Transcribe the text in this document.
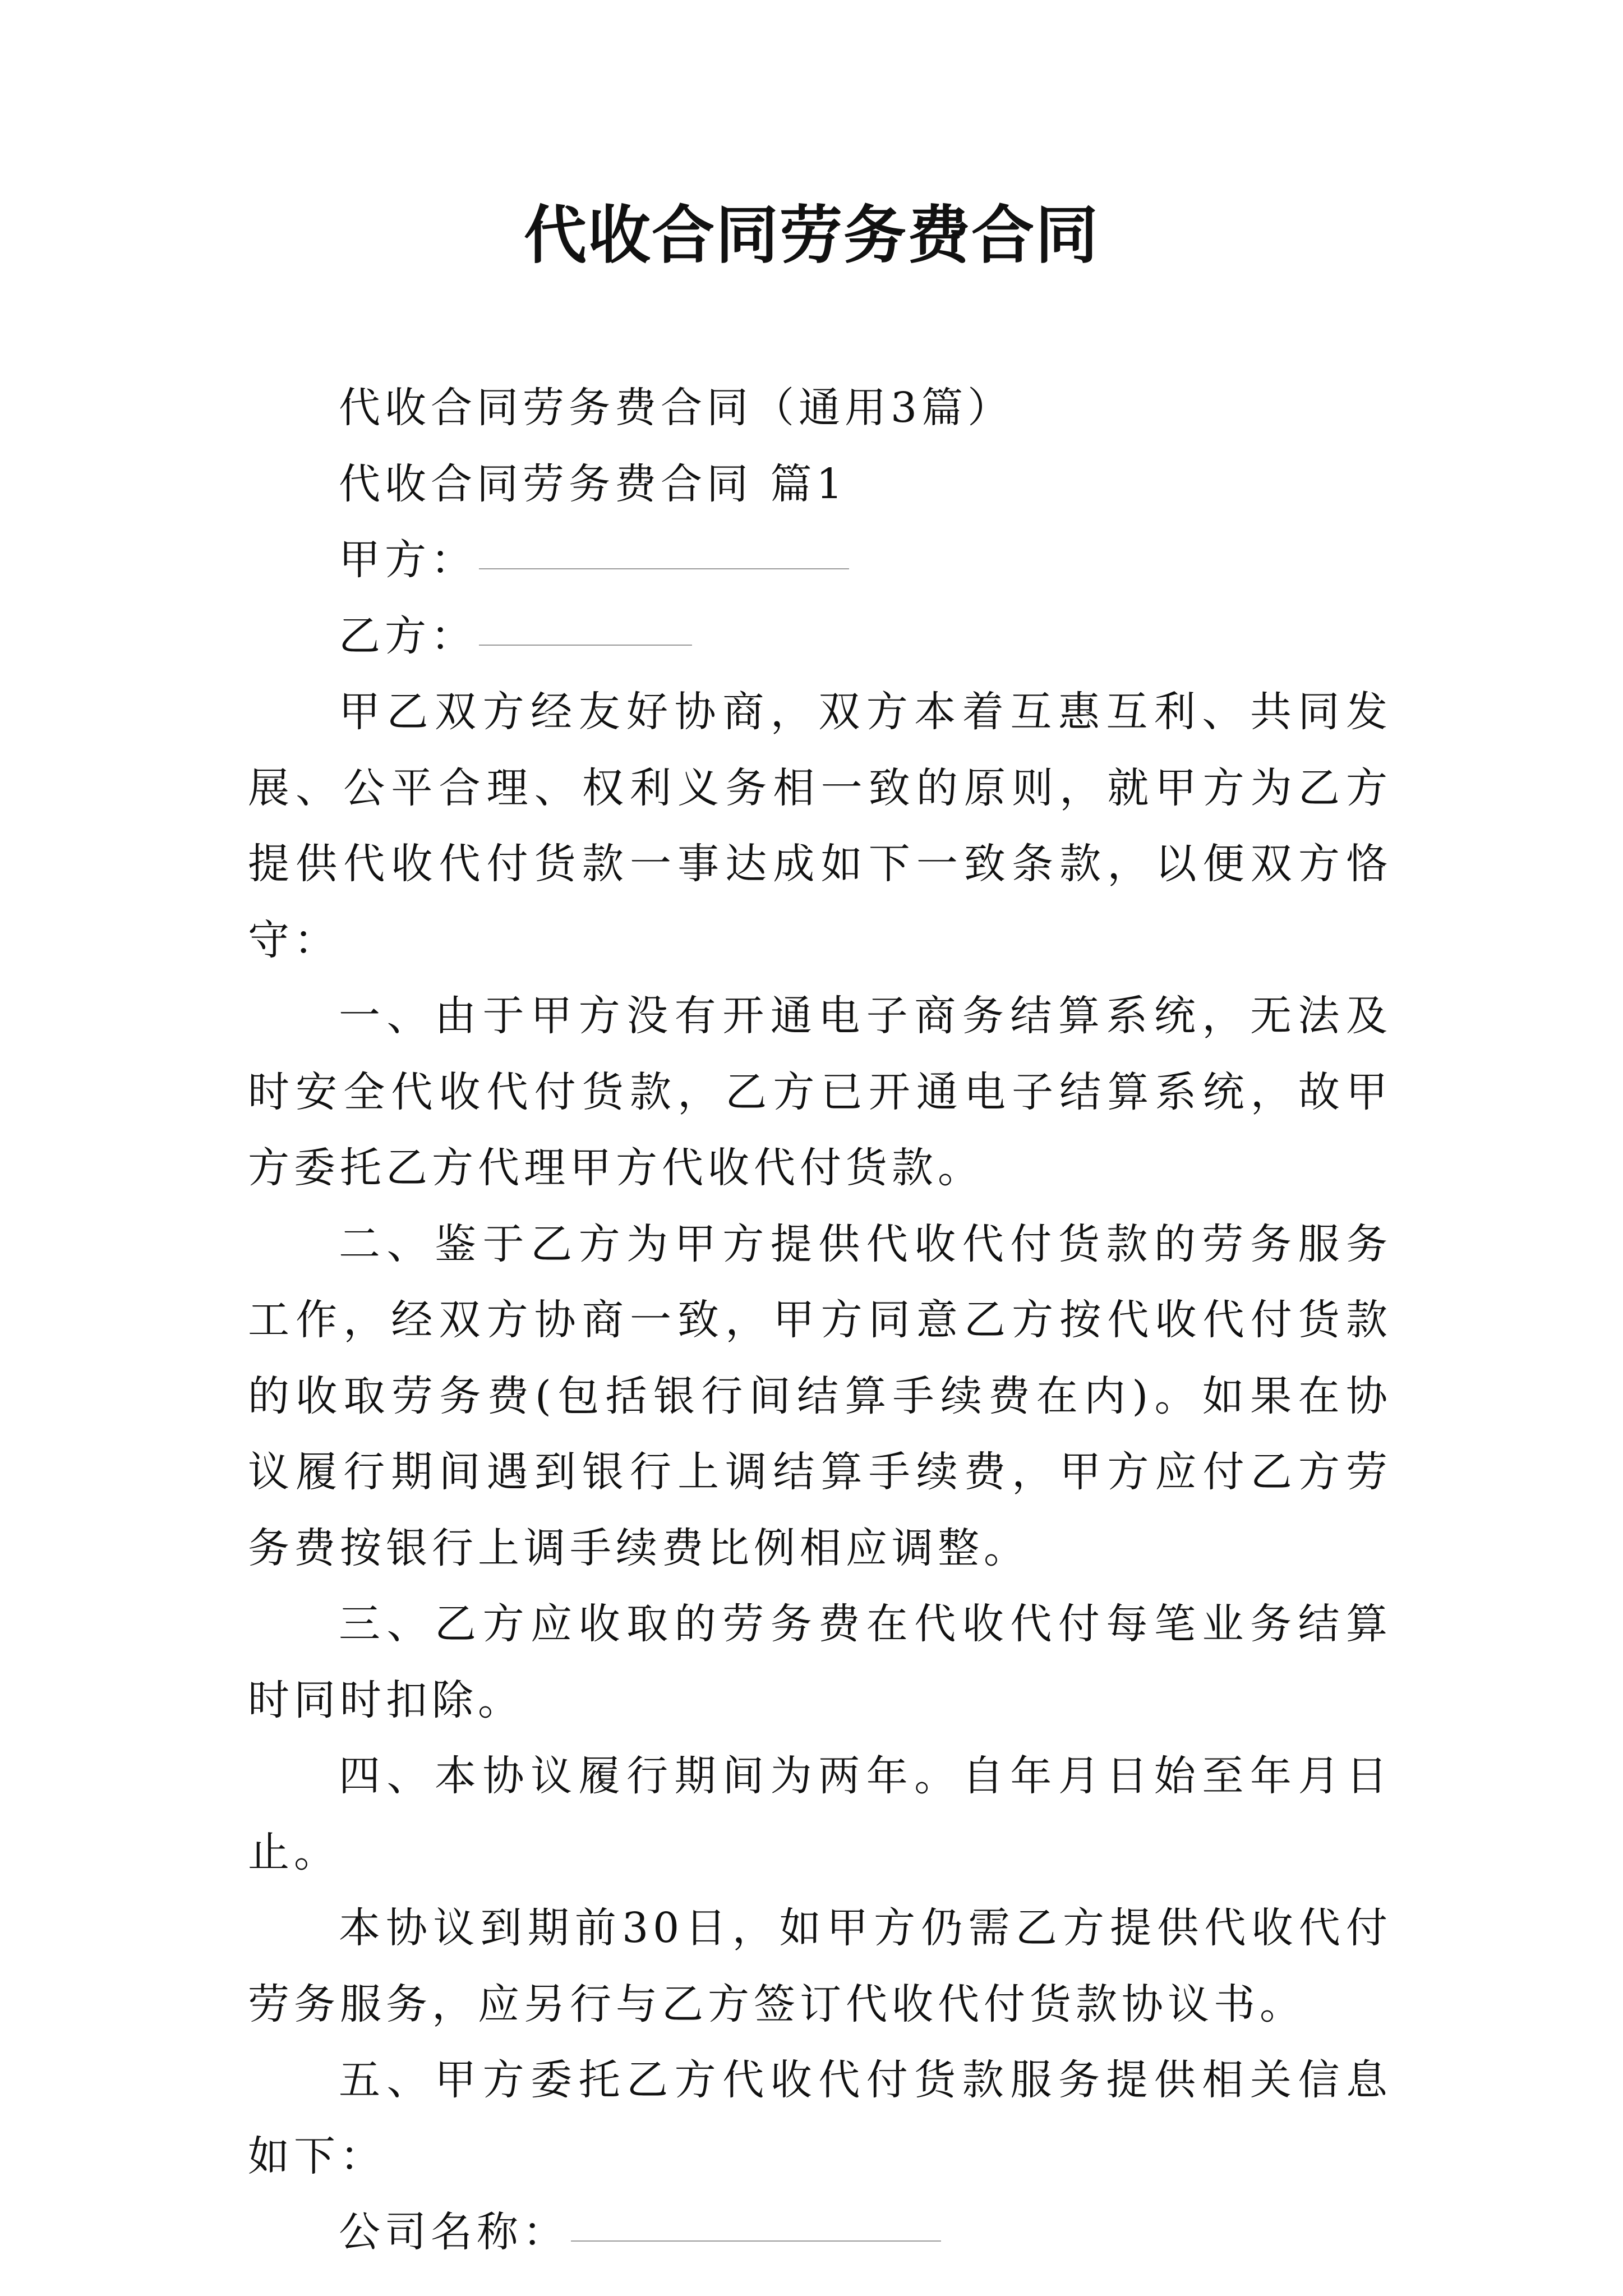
代收合同劳务费合同

代收合同劳务费合同（通用3篇）

代收合同劳务费合同 篇1

甲方：

乙方：

甲乙双方经友好协商，双方本着互惠互利、共同发展、公平合理、权利义务相一致的原则，就甲方为乙方提供代收代付货款一事达成如下一致条款，以便双方恪守：

一、由于甲方没有开通电子商务结算系统，无法及时安全代收代付货款，乙方已开通电子结算系统，故甲方委托乙方代理甲方代收代付货款。

二、鉴于乙方为甲方提供代收代付货款的劳务服务工作，经双方协商一致，甲方同意乙方按代收代付货款的收取劳务费(包括银行间结算手续费在内)。如果在协议履行期间遇到银行上调结算手续费，甲方应付乙方劳务费按银行上调手续费比例相应调整。

三、乙方应收取的劳务费在代收代付每笔业务结算时同时扣除。

四、本协议履行期间为两年。自年月日始至年月日止。

本协议到期前30日，如甲方仍需乙方提供代收代付劳务服务，应另行与乙方签订代收代付货款协议书。

五、甲方委托乙方代收代付货款服务提供相关信息如下：

公司名称：
